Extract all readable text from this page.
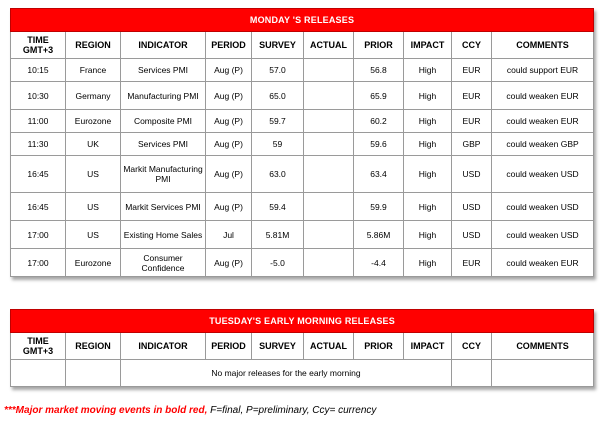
MONDAY 'S RELEASES									
TIME GMT+3	REGION	INDICATOR	PERIOD	SURVEY	ACTUAL	PRIOR	IMPACT	CCY	COMMENTS
10:15	France	Services PMI	Aug (P)	57.0		56.8	High	EUR	could support EUR
10:30	Germany	Manufacturing PMI	Aug (P)	65.0		65.9	High	EUR	could weaken EUR
11:00	Eurozone	Composite PMI	Aug (P)	59.7		60.2	High	EUR	could weaken EUR
11:30	UK	Services PMI	Aug (P)	59		59.6	High	GBP	could weaken GBP
16:45	US	Markit Manufacturing PMI	Aug (P)	63.0		63.4	High	USD	could weaken USD
16:45	US	Markit Services PMI	Aug (P)	59.4		59.9	High	USD	could weaken USD
17:00	US	Existing Home Sales	Jul	5.81M		5.86M	High	USD	could weaken USD
17:00	Eurozone	Consumer Confidence	Aug (P)	-5.0		-4.4	High	EUR	could weaken EUR
TUESDAY'S EARLY MORNING RELEASES									
TIME GMT+3	REGION	INDICATOR	PERIOD	SURVEY	ACTUAL	PRIOR	IMPACT	CCY	COMMENTS
		No major releases for the early morning							
***Major market moving events in bold red, F=final, P=preliminary, Ccy= currency
